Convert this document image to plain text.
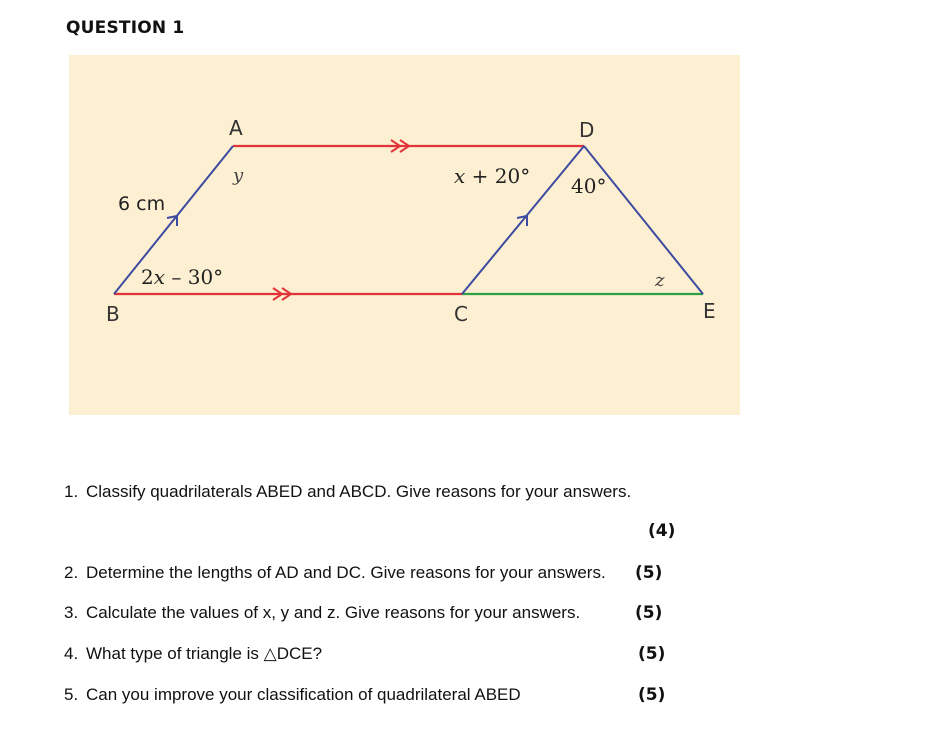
QUESTION 1
A	D
B	C	E
6 cm
2x – 30°
y	x + 20° 40°
z
1. Classify quadrilaterals ABED and ABCD. Give reasons for your answers.
(4)
2. Determine the lengths of AD and DC. Give reasons for your answers. (5)
3. Calculate the values of x, y and z. Give reasons for your answers.	(5)
4. What type of triangle is △DCE?	(5)
5. Can you improve your classification of quadrilateral ABED	(5)
